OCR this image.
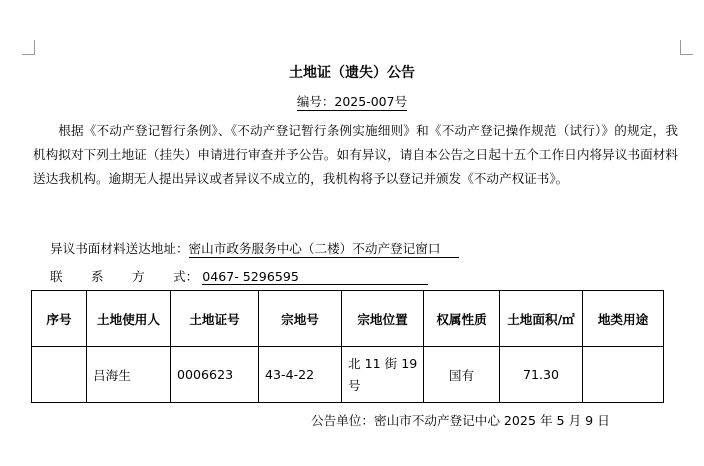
土地证（遗失）公告
编号：2025-007号
根据《不动产登记暂行条例》、《不动产登记暂行条例实施细则》和《不动产登记操作规范（试行）》的规定，我机构拟对下列土地证（挂失）申请进行审查并予公告。如有异议，请自本公告之日起十五个工作日内将异议书面材料送达我机构。逾期无人提出异议或者异议不成立的，我机构将予以登记并颁发《不动产权证书》。
异议书面材料送达地址：密山市政务服务中心（二楼）不动产登记窗口
联 系 方 式： 0467- 5296595
序号	土地使用人	土地证号	宗地号	宗地位置	权属性质	土地面积/㎡	地类用途
	吕海生	0006623	43-4-22	北 11 街 19 号	国有	71.30	
公告单位：密山市不动产登记中心 2025 年 5 月 9 日
